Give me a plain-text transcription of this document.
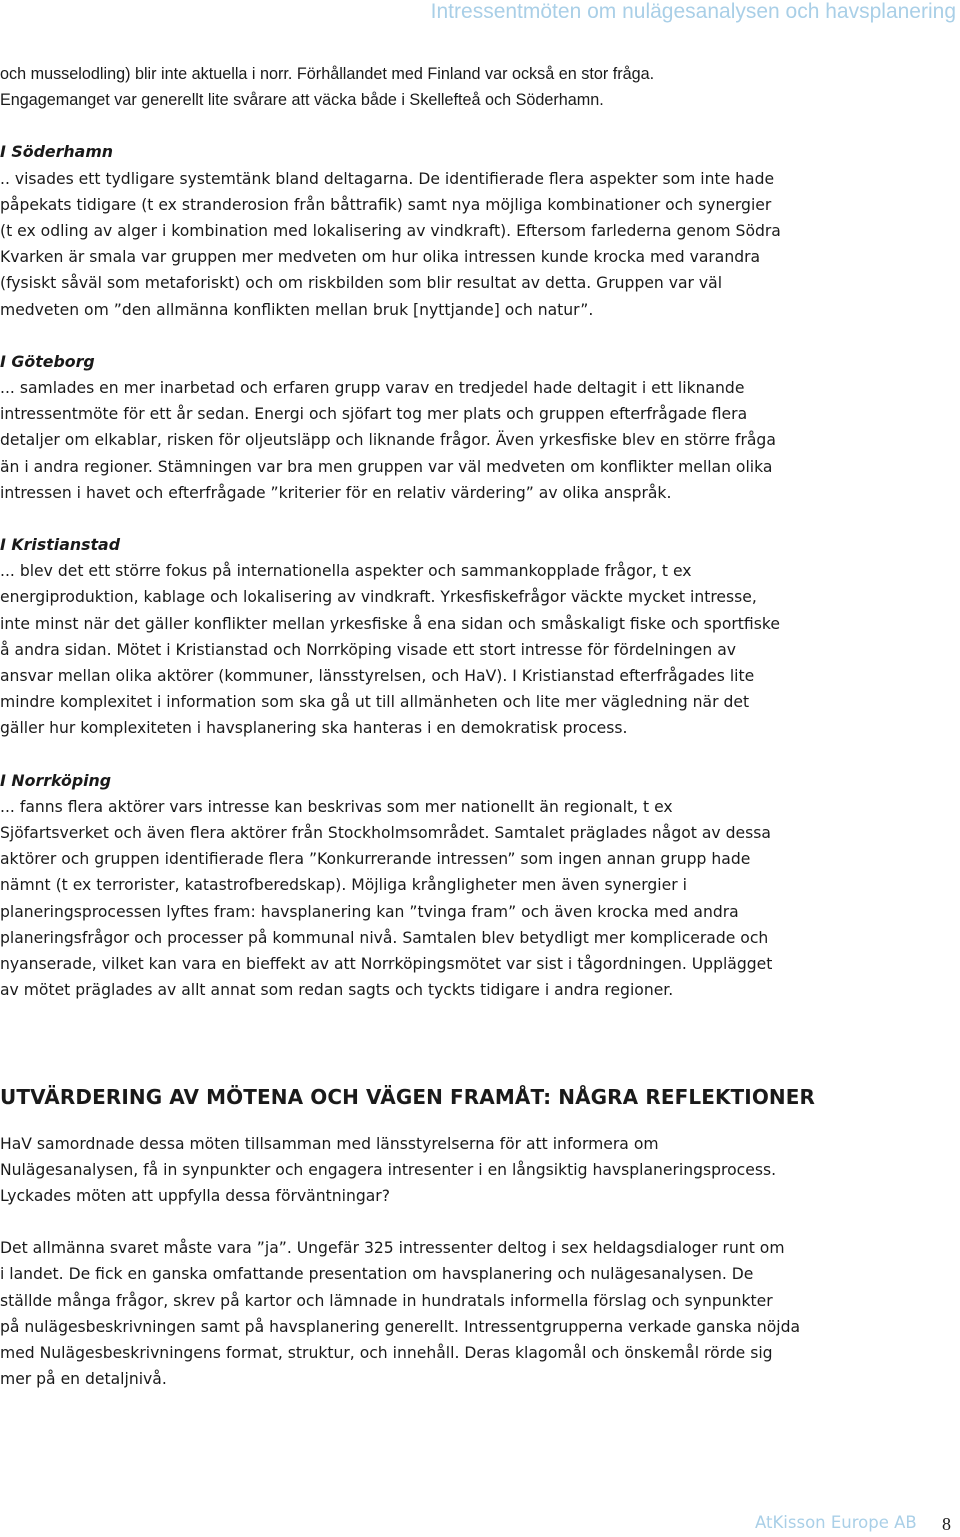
Intressentmöten om nulägesanalysen och havsplanering

och musselodling) blir inte aktuella i norr. Förhållandet med Finland var också en stor fråga.
Engagemanget var generellt lite svårare att väcka både i Skellefteå och Söderhamn.

I Söderhamn

.. visades ett tydligare systemtänk bland deltagarna. De identifierade flera aspekter som inte hade
påpekats tidigare (t ex stranderosion från båttrafik) samt nya möjliga kombinationer och synergier
(t ex odling av alger i kombination med lokalisering av vindkraft). Eftersom farlederna genom Södra
Kvarken är smala var gruppen mer medveten om hur olika intressen kunde krocka med varandra
(fysiskt såväl som metaforiskt) och om riskbilden som blir resultat av detta. Gruppen var väl
medveten om ”den allmänna konflikten mellan bruk [nyttjande] och natur”.

I Göteborg

... samlades en mer inarbetad och erfaren grupp varav en tredjedel hade deltagit i ett liknande
intressentmöte för ett år sedan. Energi och sjöfart tog mer plats och gruppen efterfrågade flera
detaljer om elkablar, risken för oljeutsläpp och liknande frågor. Även yrkesfiske blev en större fråga
än i andra regioner. Stämningen var bra men gruppen var väl medveten om konflikter mellan olika
intressen i havet och efterfrågade ”kriterier för en relativ värdering” av olika anspråk.

I Kristianstad

... blev det ett större fokus på internationella aspekter och sammankopplade frågor, t ex
energiproduktion, kablage och lokalisering av vindkraft. Yrkesfiskefrågor väckte mycket intresse,
inte minst när det gäller konflikter mellan yrkesfiske å ena sidan och småskaligt fiske och sportfiske
å andra sidan. Mötet i Kristianstad och Norrköping visade ett stort intresse för fördelningen av
ansvar mellan olika aktörer (kommuner, länsstyrelsen, och HaV). I Kristianstad efterfrågades lite
mindre komplexitet i information som ska gå ut till allmänheten och lite mer vägledning när det
gäller hur komplexiteten i havsplanering ska hanteras i en demokratisk process.

I Norrköping

... fanns flera aktörer vars intresse kan beskrivas som mer nationellt än regionalt, t ex
Sjöfartsverket och även flera aktörer från Stockholmsområdet. Samtalet präglades något av dessa
aktörer och gruppen identifierade flera ”Konkurrerande intressen” som ingen annan grupp hade
nämnt (t ex terrorister, katastrofberedskap). Möjliga krångligheter men även synergier i
planeringsprocessen lyftes fram: havsplanering kan ”tvinga fram” och även krocka med andra
planeringsfrågor och processer på kommunal nivå. Samtalen blev betydligt mer komplicerade och
nyanserade, vilket kan vara en bieffekt av att Norrköpingsmötet var sist i tågordningen. Upplägget
av mötet präglades av allt annat som redan sagts och tyckts tidigare i andra regioner.

UTVÄRDERING AV MÖTENA OCH VÄGEN FRAMÅT: NÅGRA REFLEKTIONER

HaV samordnade dessa möten tillsamman med länsstyrelserna för att informera om
Nulägesanalysen, få in synpunkter och engagera intresenter i en långsiktig havsplaneringsprocess.
Lyckades möten att uppfylla dessa förväntningar?

Det allmänna svaret måste vara ”ja”. Ungefär 325 intressenter deltog i sex heldagsdialoger runt om
i landet. De fick en ganska omfattande presentation om havsplanering och nulägesanalysen. De
ställde många frågor, skrev på kartor och lämnade in hundratals informella förslag och synpunkter
på nulägesbeskrivningen samt på havsplanering generellt. Intressentgrupperna verkade ganska nöjda
med Nulägesbeskrivningens format, struktur, och innehåll. Deras klagomål och önskemål rörde sig
mer på en detaljnivå.

AtKisson Europe AB 8
